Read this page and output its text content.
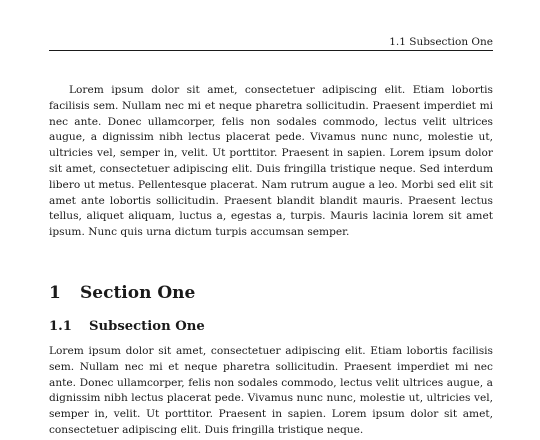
1.1 Subsection One

Lorem ipsum dolor sit amet, consectetuer adipiscing elit. Etiam lobortis facilisis sem. Nullam nec mi et neque pharetra sollicitudin. Praesent imperdiet mi nec ante. Donec ullamcorper, felis non sodales commodo, lectus velit ultrices augue, a dignissim nibh lectus placerat pede. Vivamus nunc nunc, molestie ut, ultricies vel, semper in, velit. Ut porttitor. Praesent in sapien. Lorem ipsum dolor sit amet, consectetuer adipiscing elit. Duis fringilla tristique neque. Sed interdum libero ut metus. Pellentesque placerat. Nam rutrum augue a leo. Morbi sed elit sit amet ante lobortis sollicitudin. Praesent blandit blandit mauris. Praesent lectus tellus, aliquet aliquam, luctus a, egestas a, turpis. Mauris lacinia lorem sit amet ipsum. Nunc quis urna dictum turpis accumsan semper.

1 Section One
1.1 Subsection One

Lorem ipsum dolor sit amet, consectetuer adipiscing elit. Etiam lobortis facilisis sem. Nullam nec mi et neque pharetra sollicitudin. Praesent imperdiet mi nec ante. Donec ullamcorper, felis non sodales commodo, lectus velit ultrices augue, a dignissim nibh lectus placerat pede. Vivamus nunc nunc, molestie ut, ultricies vel, semper in, velit. Ut porttitor. Praesent in sapien. Lorem ipsum dolor sit amet, consectetuer adipiscing elit. Duis fringilla tristique neque.
